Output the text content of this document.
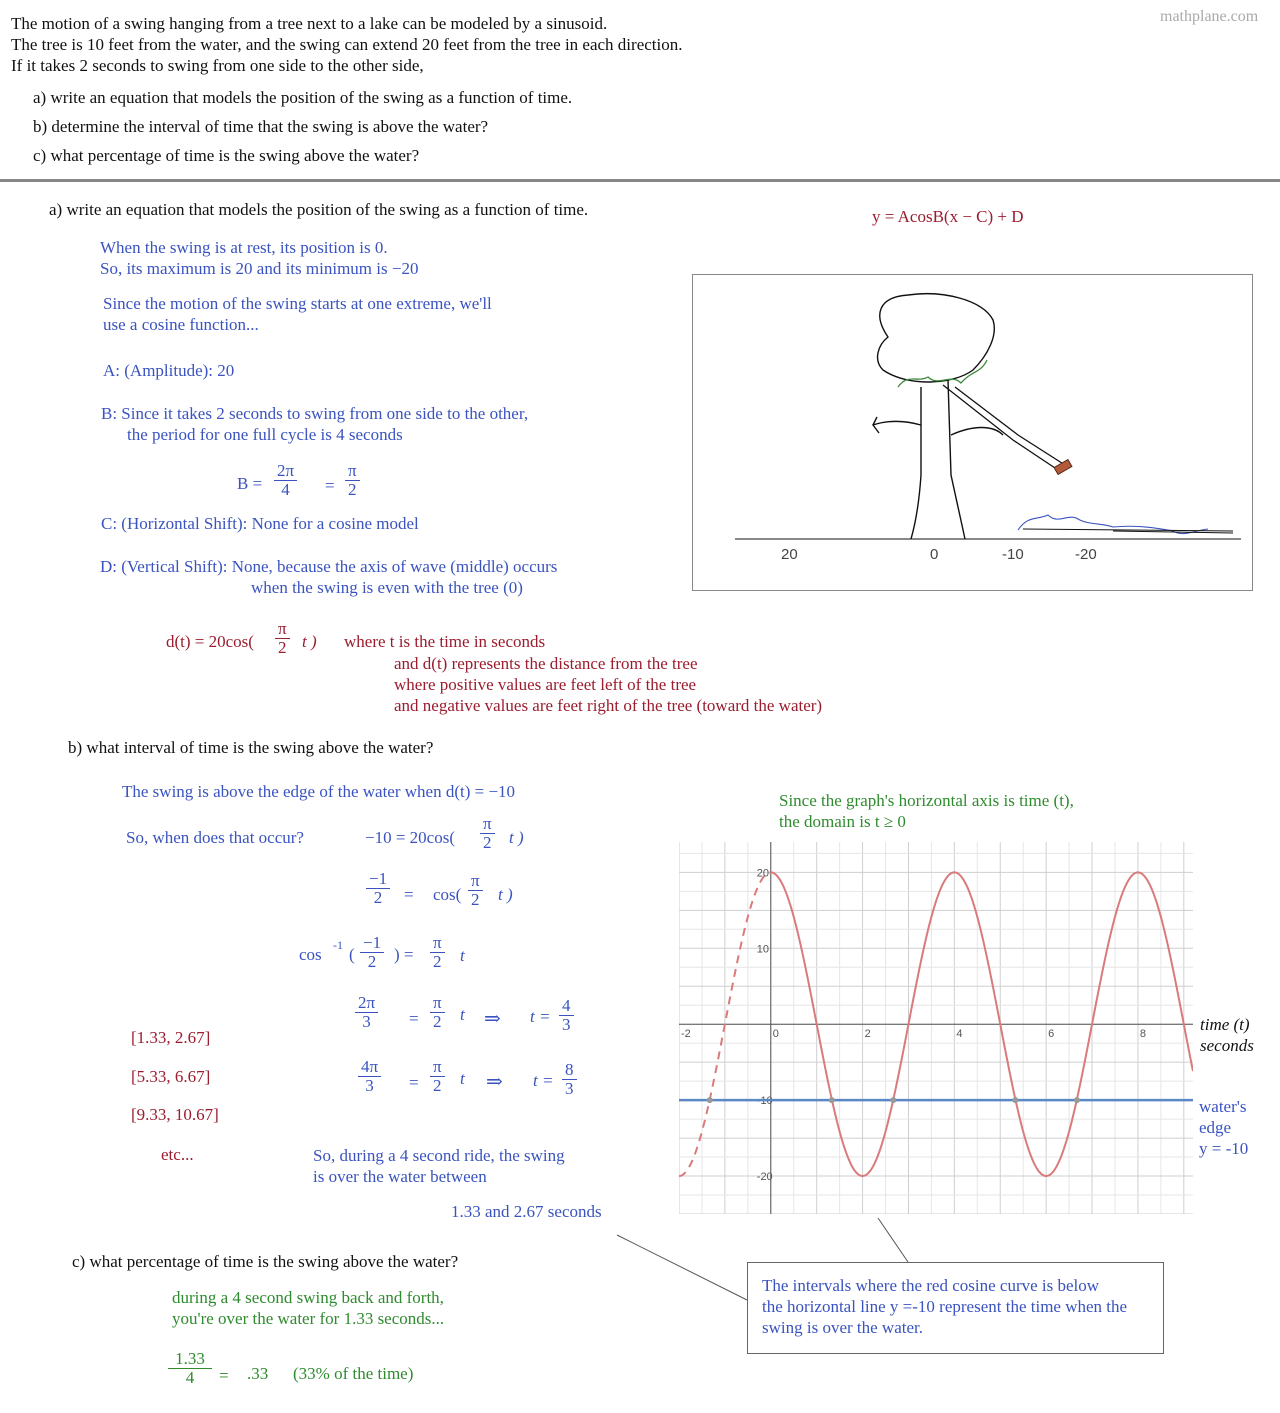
mathplane.com
The motion of a swing hanging from a tree next to a lake can be modeled by a sinusoid.
The tree is 10 feet from the water, and the swing can extend 20 feet from the tree in each direction.
If it takes 2 seconds to swing from one side to the other side,
a) write an equation that models the position of the swing as a function of time.
b) determine the interval of time that the swing is above the water?
c) what percentage of time is the swing above the water?
a) write an equation that models the position of the swing as a function of time.	y = AcosB(x − C) + D
When the swing is at rest, its position is 0.
So, its maximum is 20 and its minimum is −20
Since the motion of the swing starts at one extreme, we'll
use a cosine function...
A: (Amplitude): 20
B: Since it takes 2 seconds to swing from one side to the other,
the period for one full cycle is 4 seconds
$B = \frac{2\pi}{4} = \frac{\pi}{2}$
C: (Horizontal Shift): None for a cosine model
D: (Vertical Shift): None, because the axis of wave (middle) occurs
when the swing is even with the tree (0)
$d(t) = 20\cos( \frac{\pi}{2}$ t ) where t is the time in seconds
and d(t) represents the distance from the tree
where positive values are feet left of the tree
and negative values are feet right of the tree (toward the water)
20	0	-10	-20
b) what interval of time is the swing above the water?
The swing is above the edge of the water when d(t) = −10
So, when does that occur?	$-10 = 20\cos( \frac{\pi}{2}$ t )
$\frac{-1}{2} = \cos( \frac{\pi}{2}$ t )
cos -1 ( $\frac{-1}{2}$ ) = $\frac{\pi}{2}$ t
$\frac{2\pi}{3} = \frac{\pi}{2}$ t ⇒ $t = \frac{4}{3}$
$\frac{4\pi}{3} = \frac{\pi}{2}$ t ⇒ $t = \frac{8}{3}$
[1.33, 2.67]
[5.33, 6.67]
[9.33, 10.67]
etc...	So, during a 4 second ride, the swing
is over the water between
1.33 and 2.67 seconds
Since the graph's horizontal axis is time (t),
the domain is t ≥ 0
-2	0	2	4	6	8
20
10
-10
-20
time (t)
seconds
water's
edge
y = -10
The intervals where the red cosine curve is below
the horizontal line y =-10 represent the time when the
swing is over the water.
c) what percentage of time is the swing above the water?
during a 4 second swing back and forth,
you're over the water for 1.33 seconds...
$\frac{1.33}{4} = .33$ (33% of the time)
